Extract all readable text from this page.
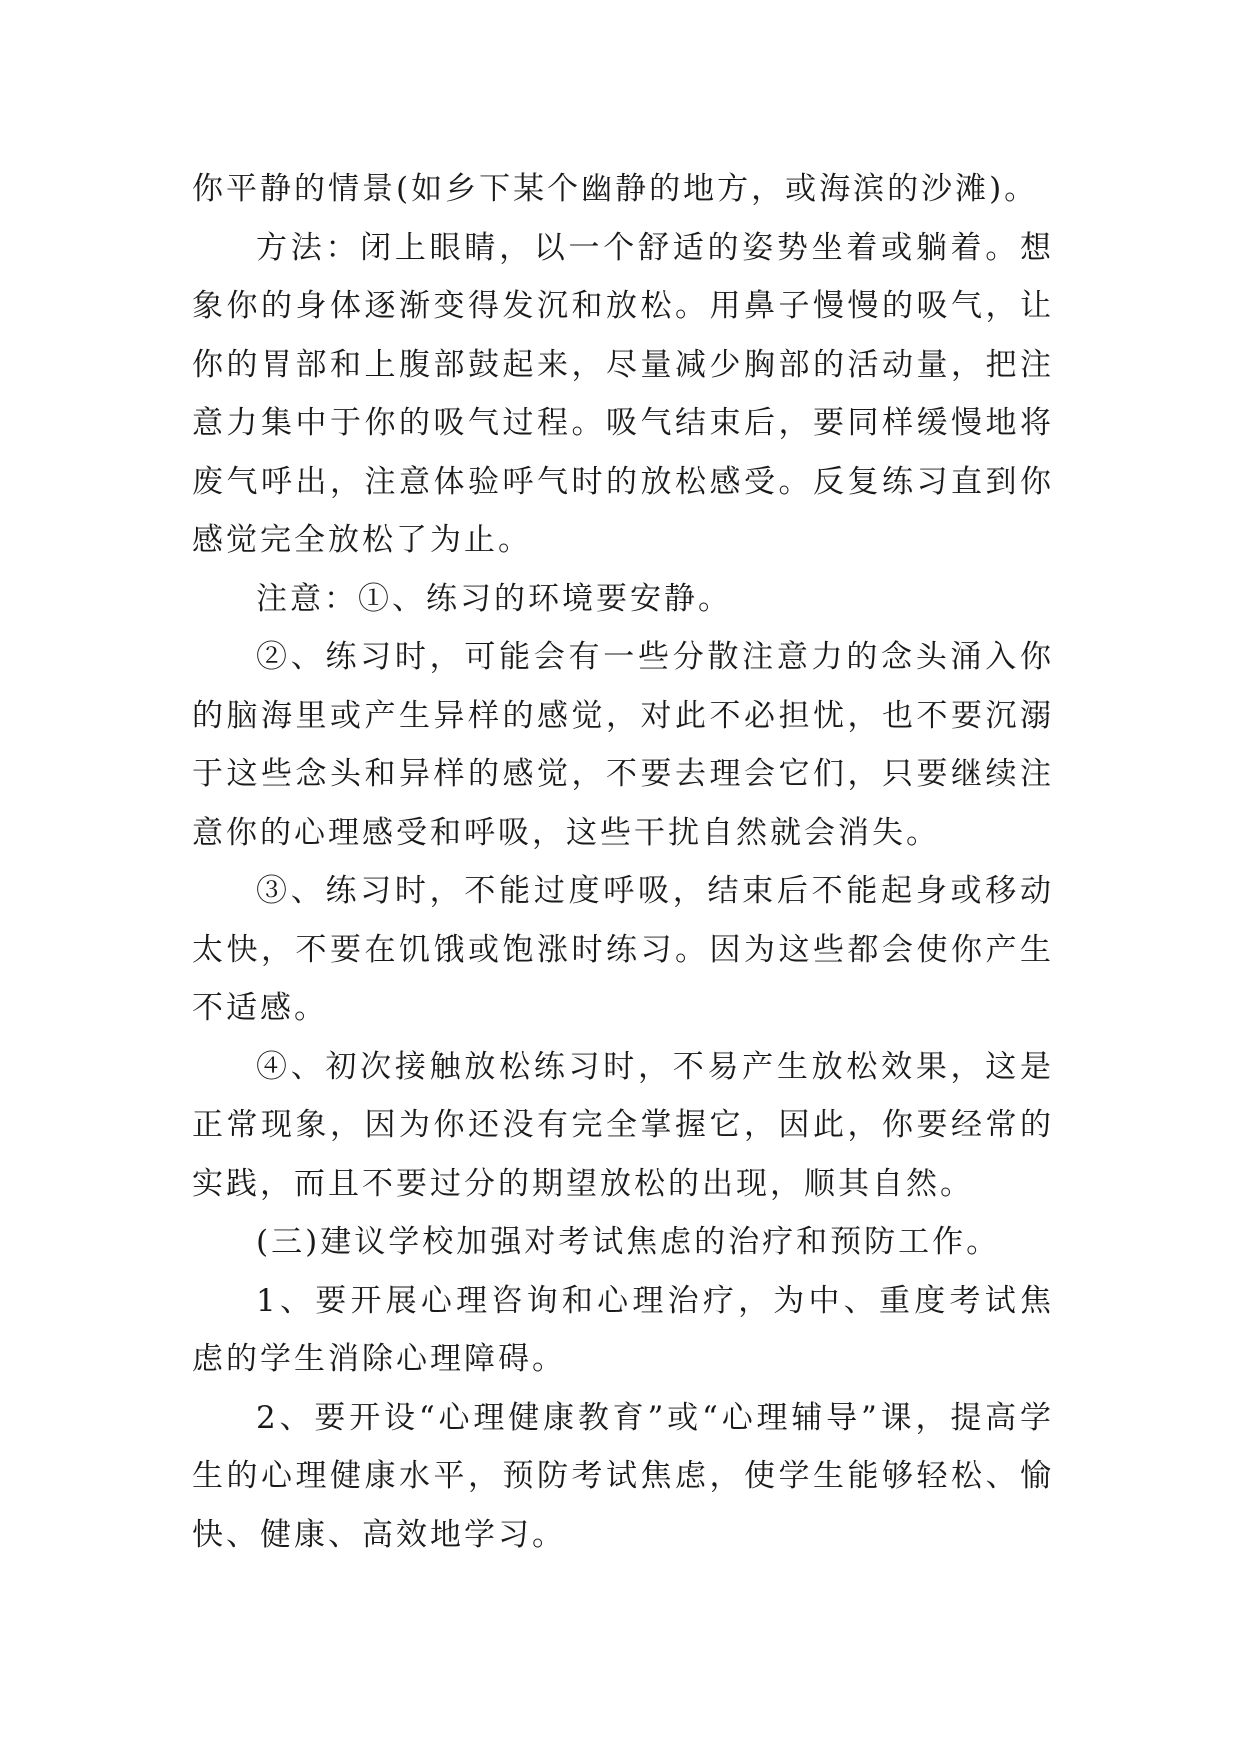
你平静的情景(如乡下某个幽静的地方，或海滨的沙滩)。

方法：闭上眼睛，以一个舒适的姿势坐着或躺着。想象你的身体逐渐变得发沉和放松。用鼻子慢慢的吸气，让你的胃部和上腹部鼓起来，尽量减少胸部的活动量，把注意力集中于你的吸气过程。吸气结束后，要同样缓慢地将废气呼出，注意体验呼气时的放松感受。反复练习直到你感觉完全放松了为止。

注意：①、练习的环境要安静。

②、练习时，可能会有一些分散注意力的念头涌入你的脑海里或产生异样的感觉，对此不必担忧，也不要沉溺于这些念头和异样的感觉，不要去理会它们，只要继续注意你的心理感受和呼吸，这些干扰自然就会消失。

③、练习时，不能过度呼吸，结束后不能起身或移动太快，不要在饥饿或饱涨时练习。因为这些都会使你产生不适感。

④、初次接触放松练习时，不易产生放松效果，这是正常现象，因为你还没有完全掌握它，因此，你要经常的实践，而且不要过分的期望放松的出现，顺其自然。

(三)建议学校加强对考试焦虑的治疗和预防工作。

1、要开展心理咨询和心理治疗，为中、重度考试焦虑的学生消除心理障碍。

2、要开设“心理健康教育”或“心理辅导”课，提高学生的心理健康水平，预防考试焦虑，使学生能够轻松、愉快、健康、高效地学习。
